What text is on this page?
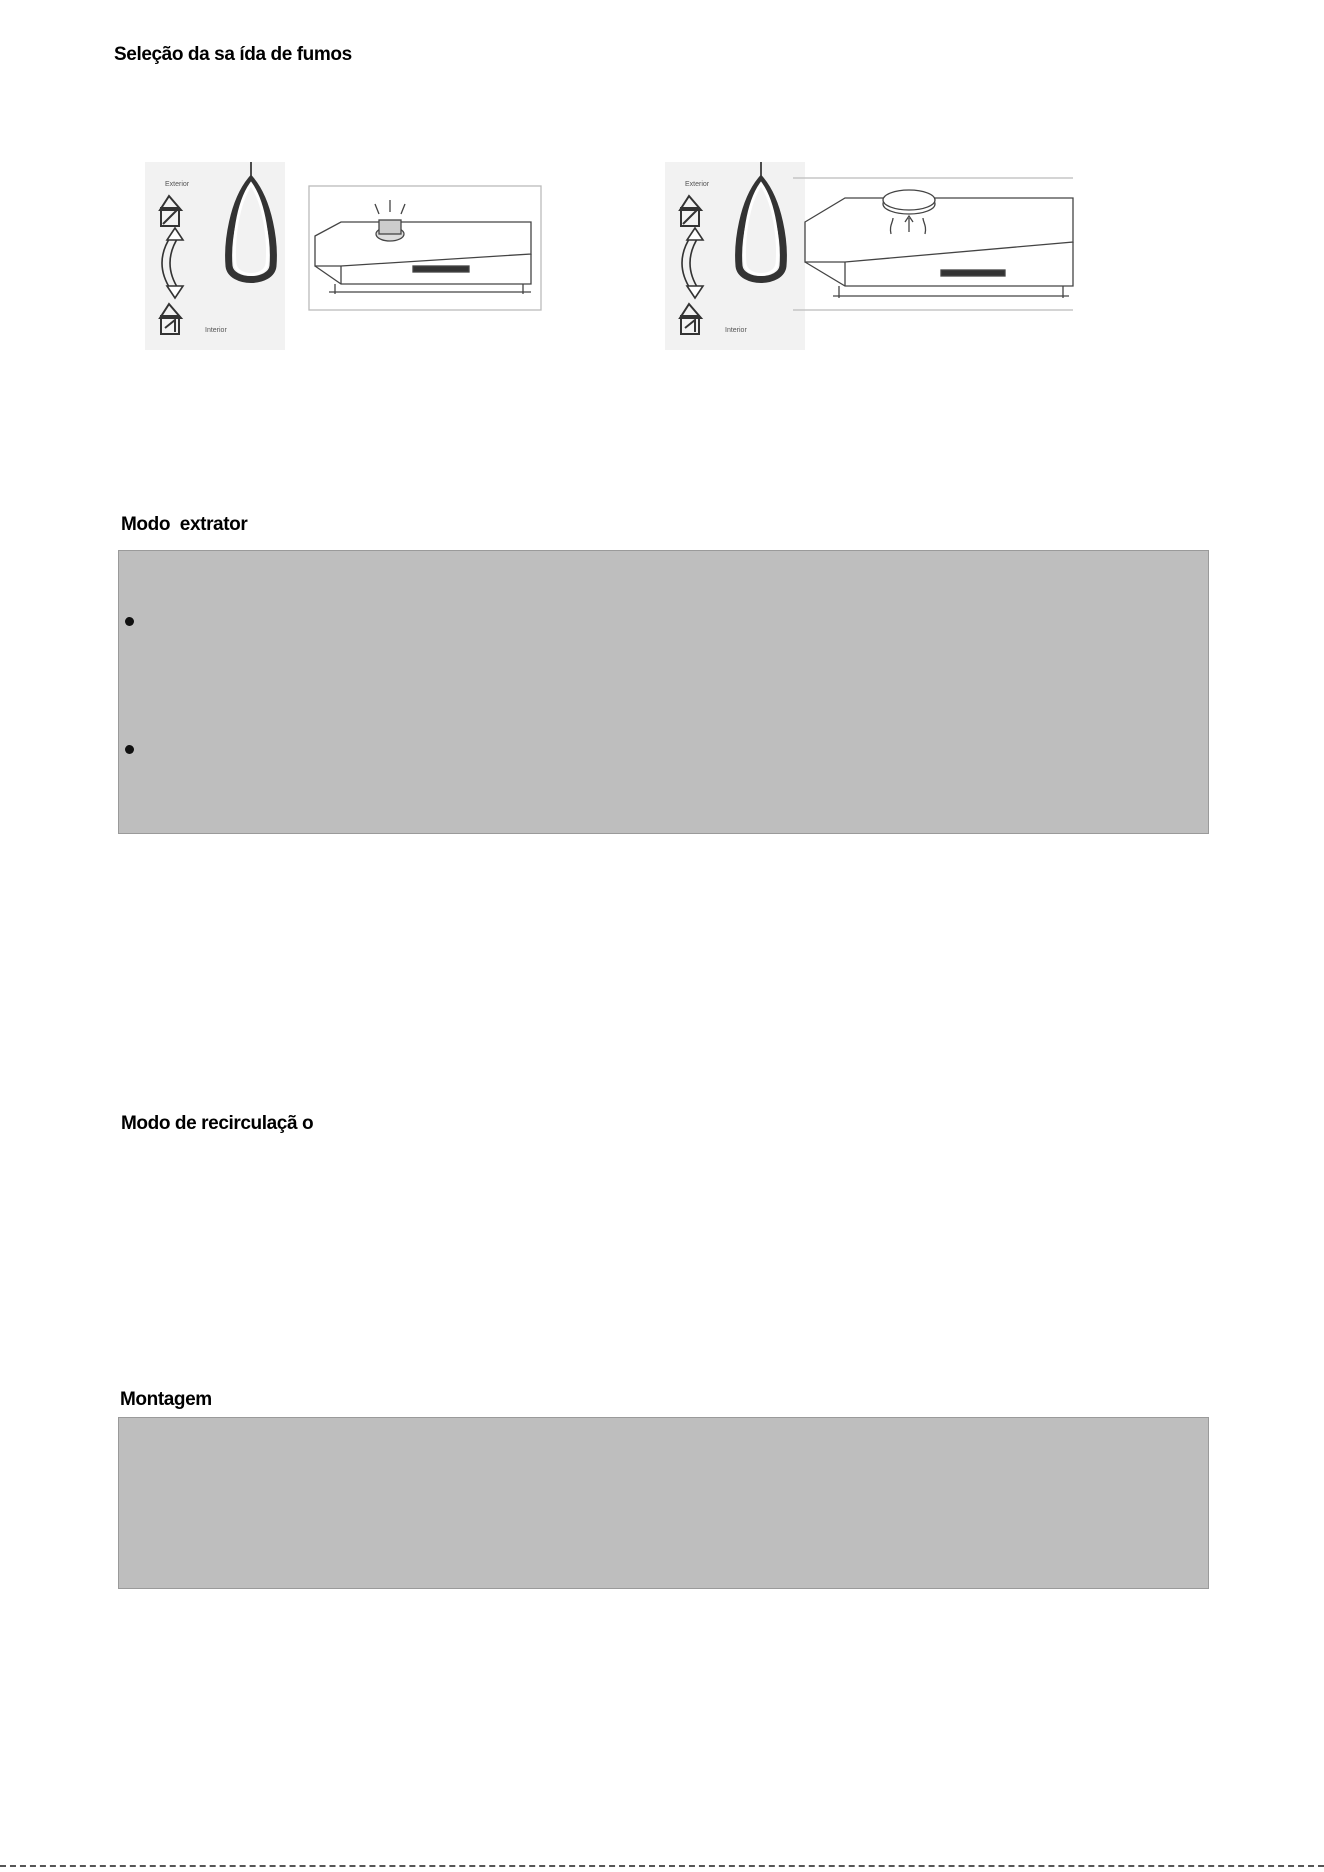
Seleção da sa ída de fumos
Exterior
Interior
Exterior
Interior
Modo  extrator
Modo de recirculaçã o
Montagem
